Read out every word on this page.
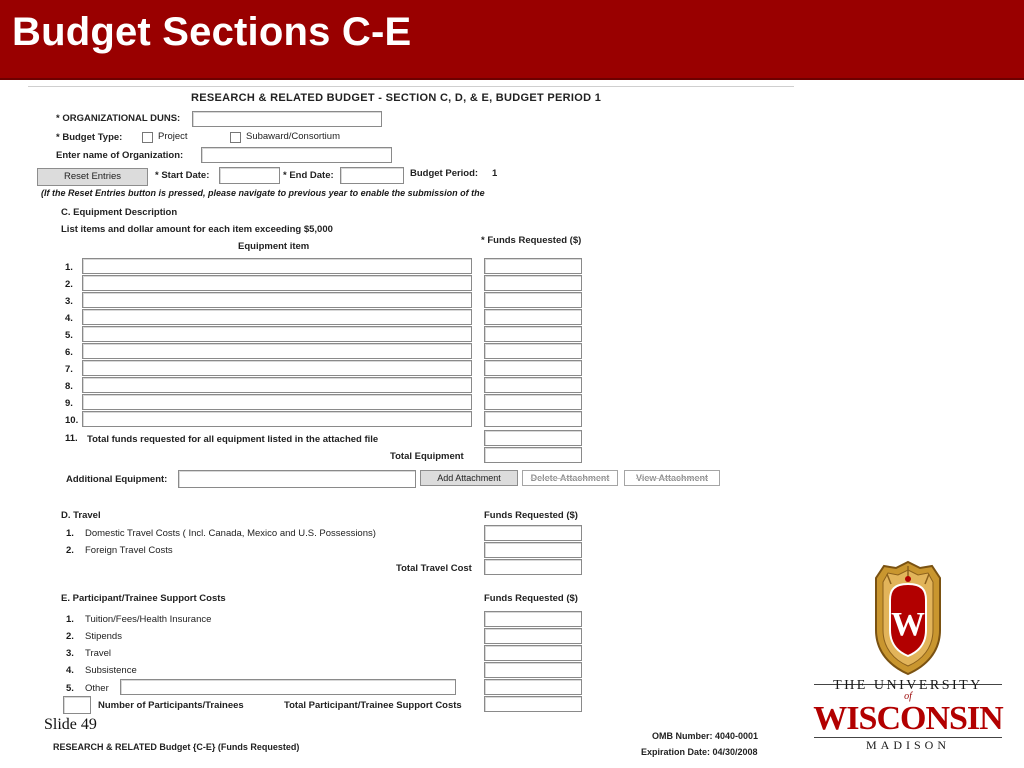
Budget Sections C-E
RESEARCH & RELATED BUDGET - SECTION C, D, & E, BUDGET PERIOD 1
* ORGANIZATIONAL DUNS:
* Budget Type:	Project	Subaward/Consortium
Enter name of Organization:
Reset Entries	* Start Date:	* End Date:	Budget Period: 1
(If the Reset Entries button is pressed, please navigate to previous year to enable the submission of the
C. Equipment Description
List items and dollar amount for each item exceeding $5,000
* Funds Requested ($)
Equipment item
1.
2.
3.
4.
5.
6.
7.
8.
9.
10.
11. Total funds requested for all equipment listed in the attached file
Total Equipment
Additional Equipment:	Add Attachment	Delete Attachment	View Attachment
D. Travel	Funds Requested ($)
1. Domestic Travel Costs ( Incl. Canada, Mexico and U.S. Possessions)
2. Foreign Travel Costs
Total Travel Cost
E. Participant/Trainee Support Costs	Funds Requested ($)
1. Tuition/Fees/Health Insurance
2. Stipends
3. Travel
4. Subsistence
5. Other
Number of Participants/Trainees	Total Participant/Trainee Support Costs
RESEARCH & RELATED Budget {C-E} (Funds Requested)
OMB Number: 4040-0001
Expiration Date: 04/30/2008
Slide 49
W
THE UNIVERSITY
of
WISCONSIN
MADISON
